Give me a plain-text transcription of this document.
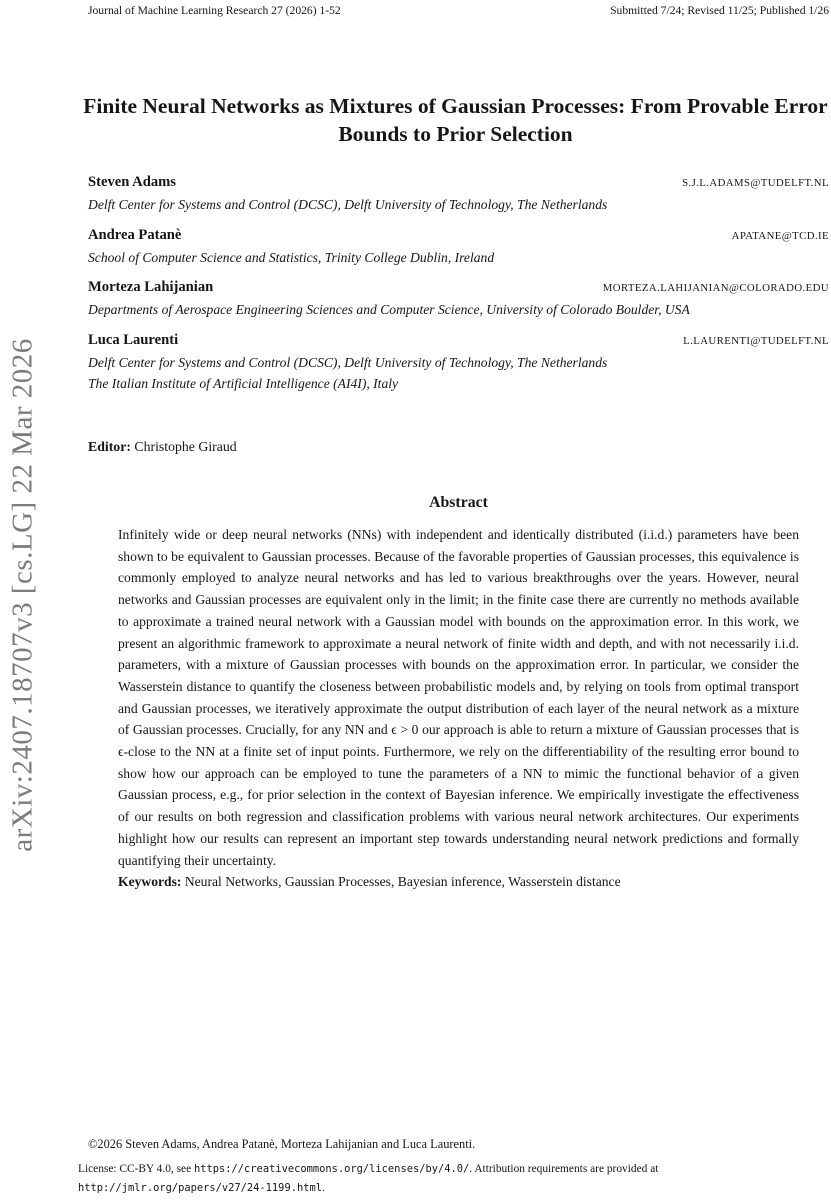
Journal of Machine Learning Research 27 (2026) 1-52	Submitted 7/24; Revised 11/25; Published 1/26
arXiv:2407.18707v3 [cs.LG] 22 Mar 2026
Finite Neural Networks as Mixtures of Gaussian Processes: From Provable Error Bounds to Prior Selection
Steven Adams	S.J.L.ADAMS@TUDELFT.NL
Delft Center for Systems and Control (DCSC), Delft University of Technology, The Netherlands
Andrea Patanè	APATANE@TCD.IE
School of Computer Science and Statistics, Trinity College Dublin, Ireland
Morteza Lahijanian	MORTEZA.LAHIJANIAN@COLORADO.EDU
Departments of Aerospace Engineering Sciences and Computer Science, University of Colorado Boulder, USA
Luca Laurenti	L.LAURENTI@TUDELFT.NL
Delft Center for Systems and Control (DCSC), Delft University of Technology, The Netherlands
The Italian Institute of Artificial Intelligence (AI4I), Italy
Editor: Christophe Giraud
Abstract

Infinitely wide or deep neural networks (NNs) with independent and identically distributed (i.i.d.) parameters have been shown to be equivalent to Gaussian processes. Because of the favorable properties of Gaussian processes, this equivalence is commonly employed to analyze neural networks and has led to various breakthroughs over the years. However, neural networks and Gaussian processes are equivalent only in the limit; in the finite case there are currently no methods available to approximate a trained neural network with a Gaussian model with bounds on the approximation error. In this work, we present an algorithmic framework to approximate a neural network of finite width and depth, and with not necessarily i.i.d. parameters, with a mixture of Gaussian processes with bounds on the approximation error. In particular, we consider the Wasserstein distance to quantify the closeness between probabilistic models and, by relying on tools from optimal transport and Gaussian processes, we iteratively approximate the output distribution of each layer of the neural network as a mixture of Gaussian processes. Crucially, for any NN and ϵ > 0 our approach is able to return a mixture of Gaussian processes that is ϵ-close to the NN at a finite set of input points. Furthermore, we rely on the differentiability of the resulting error bound to show how our approach can be employed to tune the parameters of a NN to mimic the functional behavior of a given Gaussian process, e.g., for prior selection in the context of Bayesian inference. We empirically investigate the effectiveness of our results on both regression and classification problems with various neural network architectures. Our experiments highlight how our results can represent an important step towards understanding neural network predictions and formally quantifying their uncertainty.

Keywords: Neural Networks, Gaussian Processes, Bayesian inference, Wasserstein distance

©2026 Steven Adams, Andrea Patanè, Morteza Lahijanian and Luca Laurenti.
License: CC-BY 4.0, see https://creativecommons.org/licenses/by/4.0/. Attribution requirements are provided at http://jmlr.org/papers/v27/24-1199.html.
